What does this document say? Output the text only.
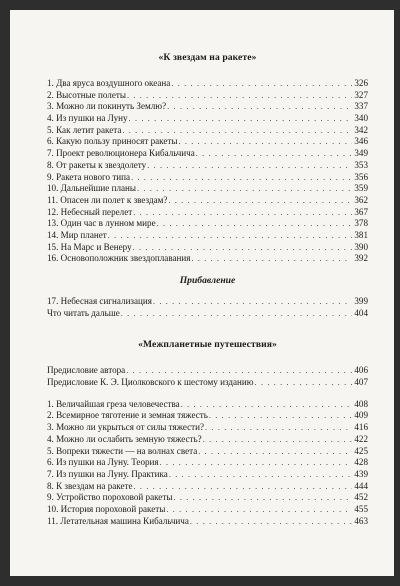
«К звездам на ракете»
1. Два яруса воздушного океана . . .	326
2. Высотные полеты . . .	327
3. Можно ли покинуть Землю? . . .	337
4. Из пушки на Луну . . .	340
5. Как летит ракета . . .	342
6. Какую пользу приносят ракеты . . .	346
7. Проект революционера Кибальчича . . .	349
8. От ракеты к звездолету . . .	353
9. Ракета нового типа . . .	356
10. Дальнейшие планы . . .	359
11. Опасен ли полет к звездам? . . .	362
12. Небесный перелет . . .	367
13. Один час в лунном мире . . .	378
14. Мир планет . . .	381
15. На Марс и Венеру . . .	390
16. Основоположник звездоплавания . . .	392
Прибавление
17. Небесная сигнализация . . .	399
Что читать дальше . . .	404
«Межпланетные путешествия»
Предисловие автора . . .	406
Предисловие К. Э. Циолковского к шестому изданию . . .	407
1. Величайшая греза человечества . . .	408
2. Всемирное тяготение и земная тяжесть . . .	409
3. Можно ли укрыться от силы тяжести? . . .	416
4. Можно ли ослабить земную тяжесть? . . .	422
5. Вопреки тяжести — на волнах света . . .	425
6. Из пушки на Луну. Теория . . .	428
7. Из пушки на Луну. Практика . . .	439
8. К звездам на ракете . . .	444
9. Устройство пороховой ракеты . . .	452
10. История пороховой ракеты . . .	455
11. Летательная машина Кибальчича . . .	463
